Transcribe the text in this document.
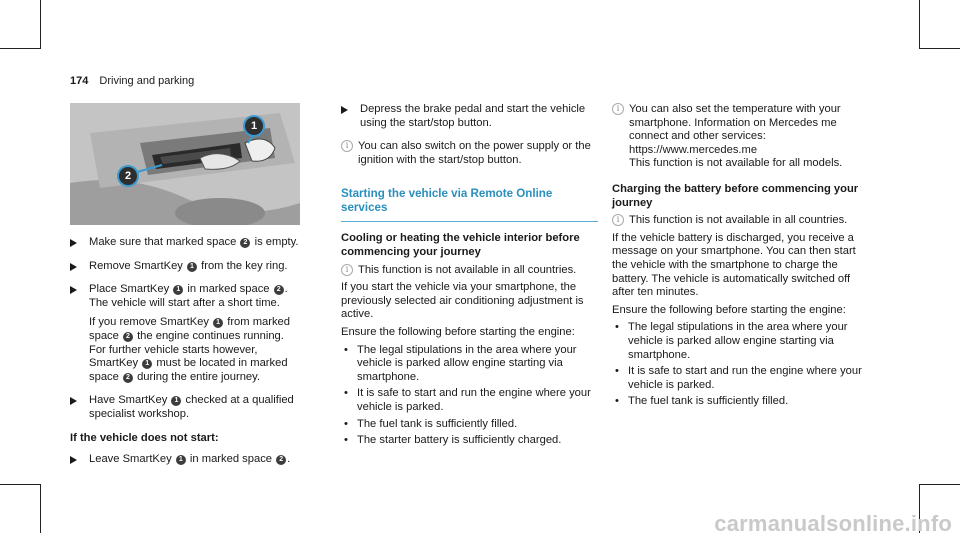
174 Driving and parking
1
2
Make sure that marked space 2 is empty.
Remove SmartKey 1 from the key ring.
Place SmartKey 1 in marked space 2 .
The vehicle will start after a short time.
If you remove SmartKey 1 from marked space 2 the engine continues running. For further vehicle starts however, SmartKey 1 must be located in marked space 2 during the entire journey.
Have SmartKey 1 checked at a qualified specialist workshop.
If the vehicle does not start:
Leave SmartKey 1 in marked space 2 .
Depress the brake pedal and start the vehicle using the start/stop button.
i You can also switch on the power supply or the ignition with the start/stop button.
Starting the vehicle via Remote Online services
Cooling or heating the vehicle interior before commencing your journey
i This function is not available in all countries.
If you start the vehicle via your smartphone, the previously selected air conditioning adjustment is active.
Ensure the following before starting the engine:
• The legal stipulations in the area where your vehicle is parked allow engine starting via smartphone.
• It is safe to start and run the engine where your vehicle is parked.
• The fuel tank is sufficiently filled.
• The starter battery is sufficiently charged.
i You can also set the temperature with your smartphone. Information on Mercedes me connect and other services: https://www.mercedes.me
This function is not available for all models.
Charging the battery before commencing your journey
i This function is not available in all countries.
If the vehicle battery is discharged, you receive a message on your smartphone. You can then start the vehicle with the smartphone to charge the battery. The vehicle is automatically switched off after ten minutes.
Ensure the following before starting the engine:
• The legal stipulations in the area where your vehicle is parked allow engine starting via smartphone.
• It is safe to start and run the engine where your vehicle is parked.
• The fuel tank is sufficiently filled.
carmanualsonline.info
